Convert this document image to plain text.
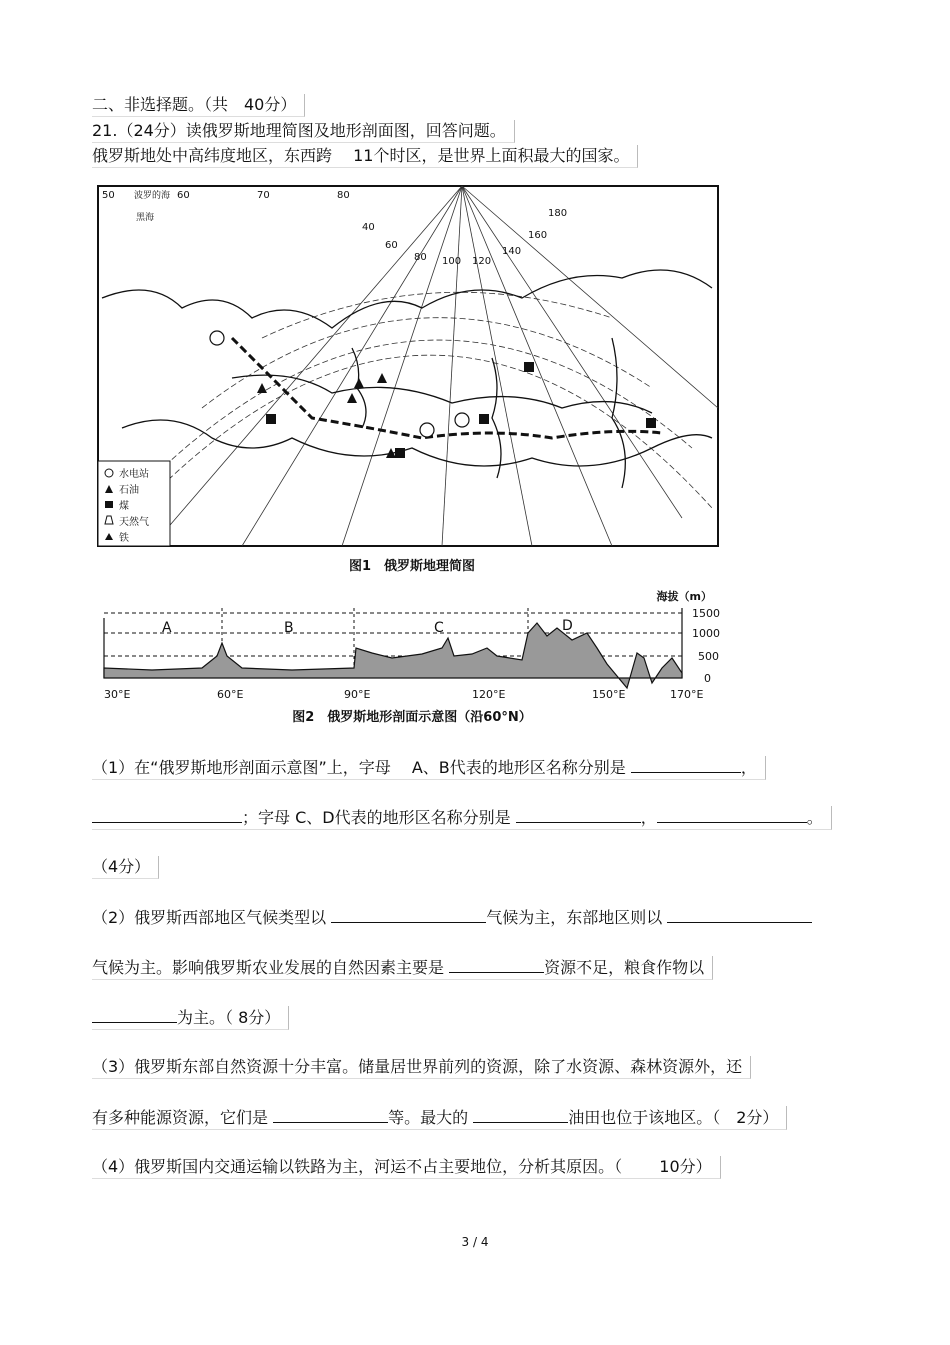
二、非选择题。（共　40分）
21.（24分）读俄罗斯地理简图及地形剖面图，回答问题。
俄罗斯地处中高纬度地区，东西跨　 11个时区，是世界上面积最大的国家。
50	60	70	80
40
60
80 100 120
140
160
180
波罗的海
黑海
水电站
石油
煤
天然气
铁
图1　俄罗斯地理简图
海拔（m）
1500
1000
500
0
A	B	C	D
30°E	60°E	90°E	120°E	150°E	170°E
图2　俄罗斯地形剖面示意图（沿60°N）
（1）在“俄罗斯地形剖面示意图”上，字母　 A、B代表的地形区名称分别是	，
；字母 C、D代表的地形区名称分别是	，	。
（4分）
（2）俄罗斯西部地区气候类型以	气候为主，东部地区则以
气候为主。影响俄罗斯农业发展的自然因素主要是	资源不足，粮食作物以
为主。（ 8分）
（3）俄罗斯东部自然资源十分丰富。储量居世界前列的资源，除了水资源、森林资源外，还
有多种能源资源，它们是	等。最大的	油田也位于该地区。（　2分）
（4）俄罗斯国内交通运输以铁路为主，河运不占主要地位，分析其原因。（　　 10分）
3 / 4
